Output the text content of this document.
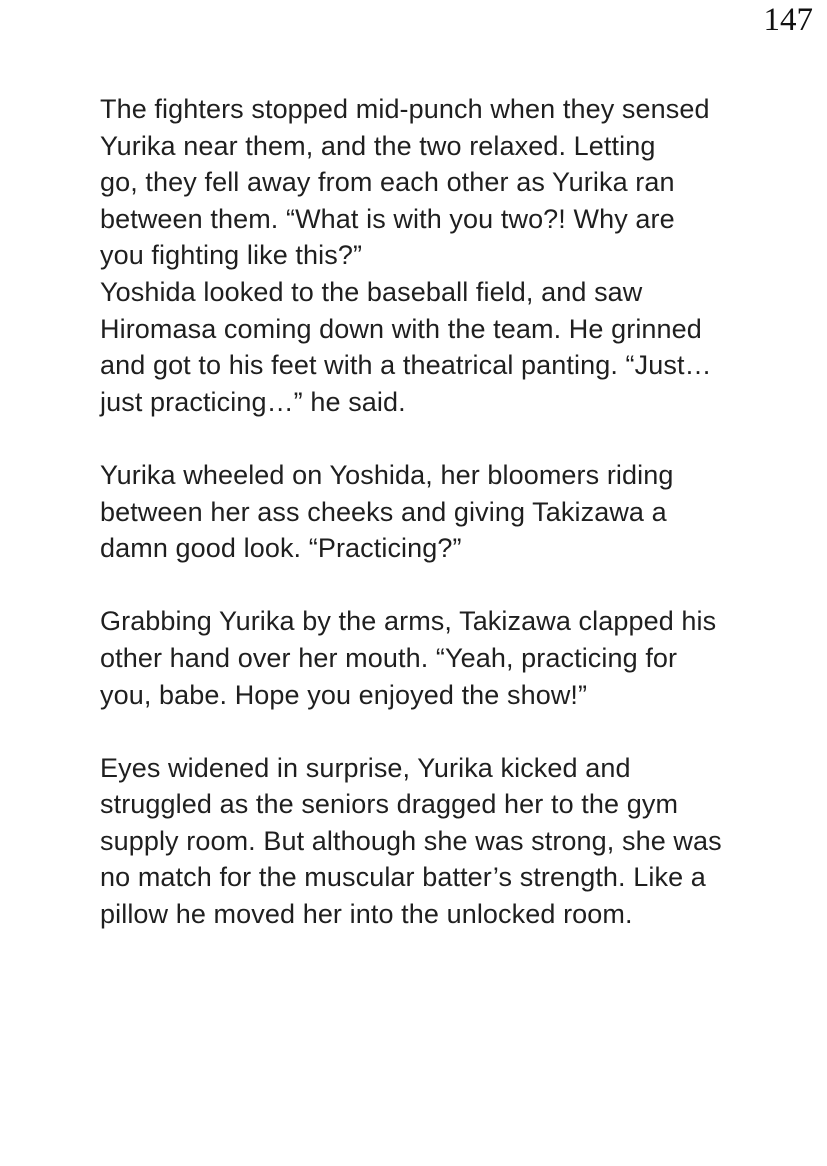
147
The fighters stopped mid-punch when they sensed
Yurika near them, and the two relaxed. Letting
go, they fell away from each other as Yurika ran
between them. “What is with you two?! Why are
you fighting like this?”
Yoshida looked to the baseball field, and saw
Hiromasa coming down with the team. He grinned
and got to his feet with a theatrical panting. “Just…
just practicing…” he said.
Yurika wheeled on Yoshida, her bloomers riding
between her ass cheeks and giving Takizawa a
damn good look. “Practicing?”
Grabbing Yurika by the arms, Takizawa clapped his
other hand over her mouth. “Yeah, practicing for
you, babe. Hope you enjoyed the show!”
Eyes widened in surprise, Yurika kicked and
struggled as the seniors dragged her to the gym
supply room. But although she was strong, she was
no match for the muscular batter’s strength. Like a
pillow he moved her into the unlocked room.
